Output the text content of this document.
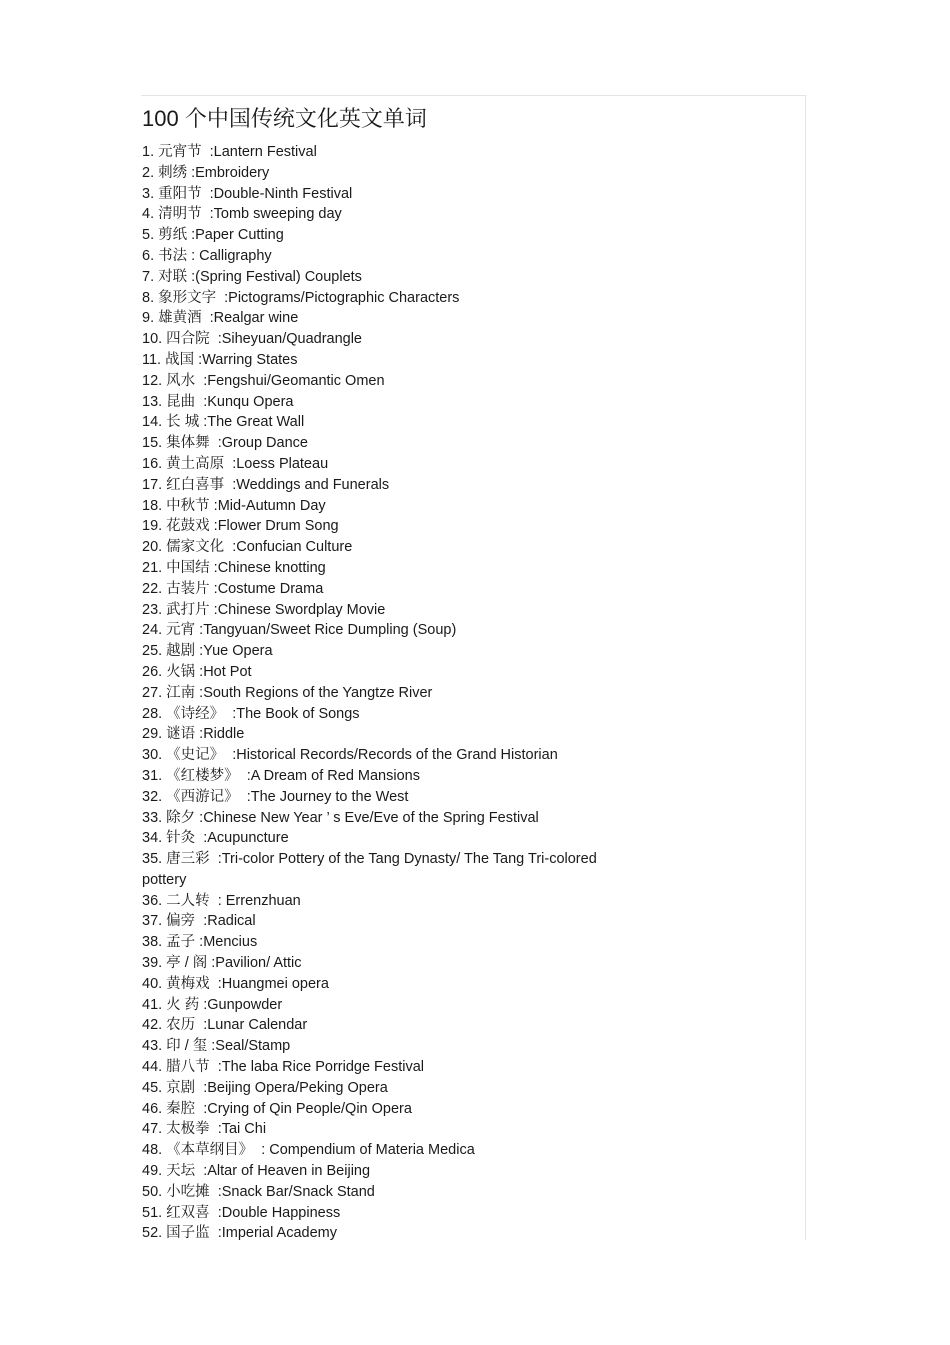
100 个中国传统文化英文单词
1. 元宵节 :Lantern Festival
2. 刺绣 :Embroidery
3. 重阳节 :Double-Ninth Festival
4. 清明节 :Tomb sweeping day
5. 剪纸 :Paper Cutting
6. 书法 : Calligraphy
7. 对联 :(Spring Festival) Couplets
8. 象形文字 :Pictograms/Pictographic Characters
9. 雄黄酒 :Realgar wine
10. 四合院 :Siheyuan/Quadrangle
11. 战国 :Warring States
12. 风水 :Fengshui/Geomantic Omen
13. 昆曲 :Kunqu Opera
14. 长 城 :The Great Wall
15. 集体舞 :Group Dance
16. 黄土高原 :Loess Plateau
17. 红白喜事 :Weddings and Funerals
18. 中秋节 :Mid-Autumn Day
19. 花鼓戏 :Flower Drum Song
20. 儒家文化 :Confucian Culture
21. 中国结 :Chinese knotting
22. 古装片 :Costume Drama
23. 武打片 :Chinese Swordplay Movie
24. 元宵 :Tangyuan/Sweet Rice Dumpling (Soup)
25. 越剧 :Yue Opera
26. 火锅 :Hot Pot
27. 江南 :South Regions of the Yangtze River
28. 《诗经》 :The Book of Songs
29. 谜语 :Riddle
30. 《史记》 :Historical Records/Records of the Grand Historian
31. 《红楼梦》 :A Dream of Red Mansions
32. 《西游记》 :The Journey to the West
33. 除夕 :Chinese New Year ’ s Eve/Eve of the Spring Festival
34. 针灸 :Acupuncture
35. 唐三彩 :Tri-color Pottery of the Tang Dynasty/ The Tang Tri-colored pottery
36. 二人转 : Errenzhuan
37. 偏旁 :Radical
38. 孟子 :Mencius
39. 亭 / 阁 :Pavilion/ Attic
40. 黄梅戏 :Huangmei opera
41. 火 药 :Gunpowder
42. 农历 :Lunar Calendar
43. 印 / 玺 :Seal/Stamp
44. 腊八节 :The laba Rice Porridge Festival
45. 京剧 :Beijing Opera/Peking Opera
46. 秦腔 :Crying of Qin People/Qin Opera
47. 太极拳 :Tai Chi
48. 《本草纲目》 : Compendium of Materia Medica
49. 天坛 :Altar of Heaven in Beijing
50. 小吃摊 :Snack Bar/Snack Stand
51. 红双喜 :Double Happiness
52. 国子监 :Imperial Academy
